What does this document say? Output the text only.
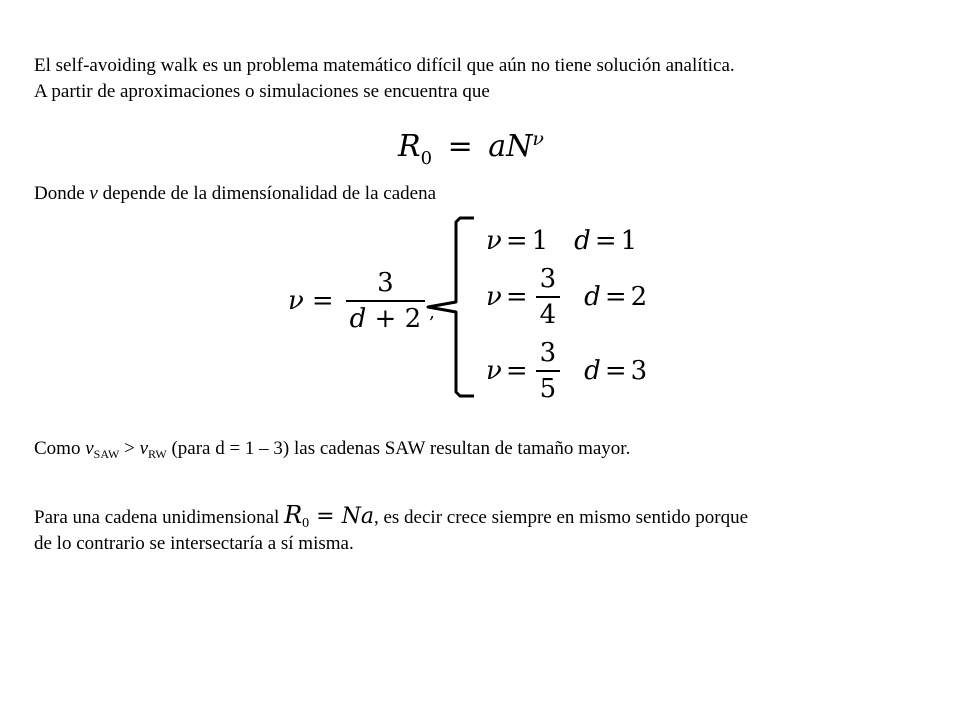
El self-avoiding walk es un problema matemático difícil que aún no tiene solución analítica.
A partir de aproximaciones o simulaciones se encuentra que
$R_0 = aN^\nu$
Donde ν depende de la dimensíonalidad de la cadena
$\nu = \frac{3}{d + 2}$ ,
ν = 1 d = 1
$\nu = \frac{3}{4}$ d = 2
$\nu = \frac{3}{5}$ d = 3
Como $\nu_{SAW} > \nu_{RW}$ (para d = 1 – 3) las cadenas SAW resultan de tamaño mayor.
Para una cadena unidimensional $R_0 = Na$, es decir crece siempre en mismo sentido porque
de lo contrario se intersectaría a sí misma.
